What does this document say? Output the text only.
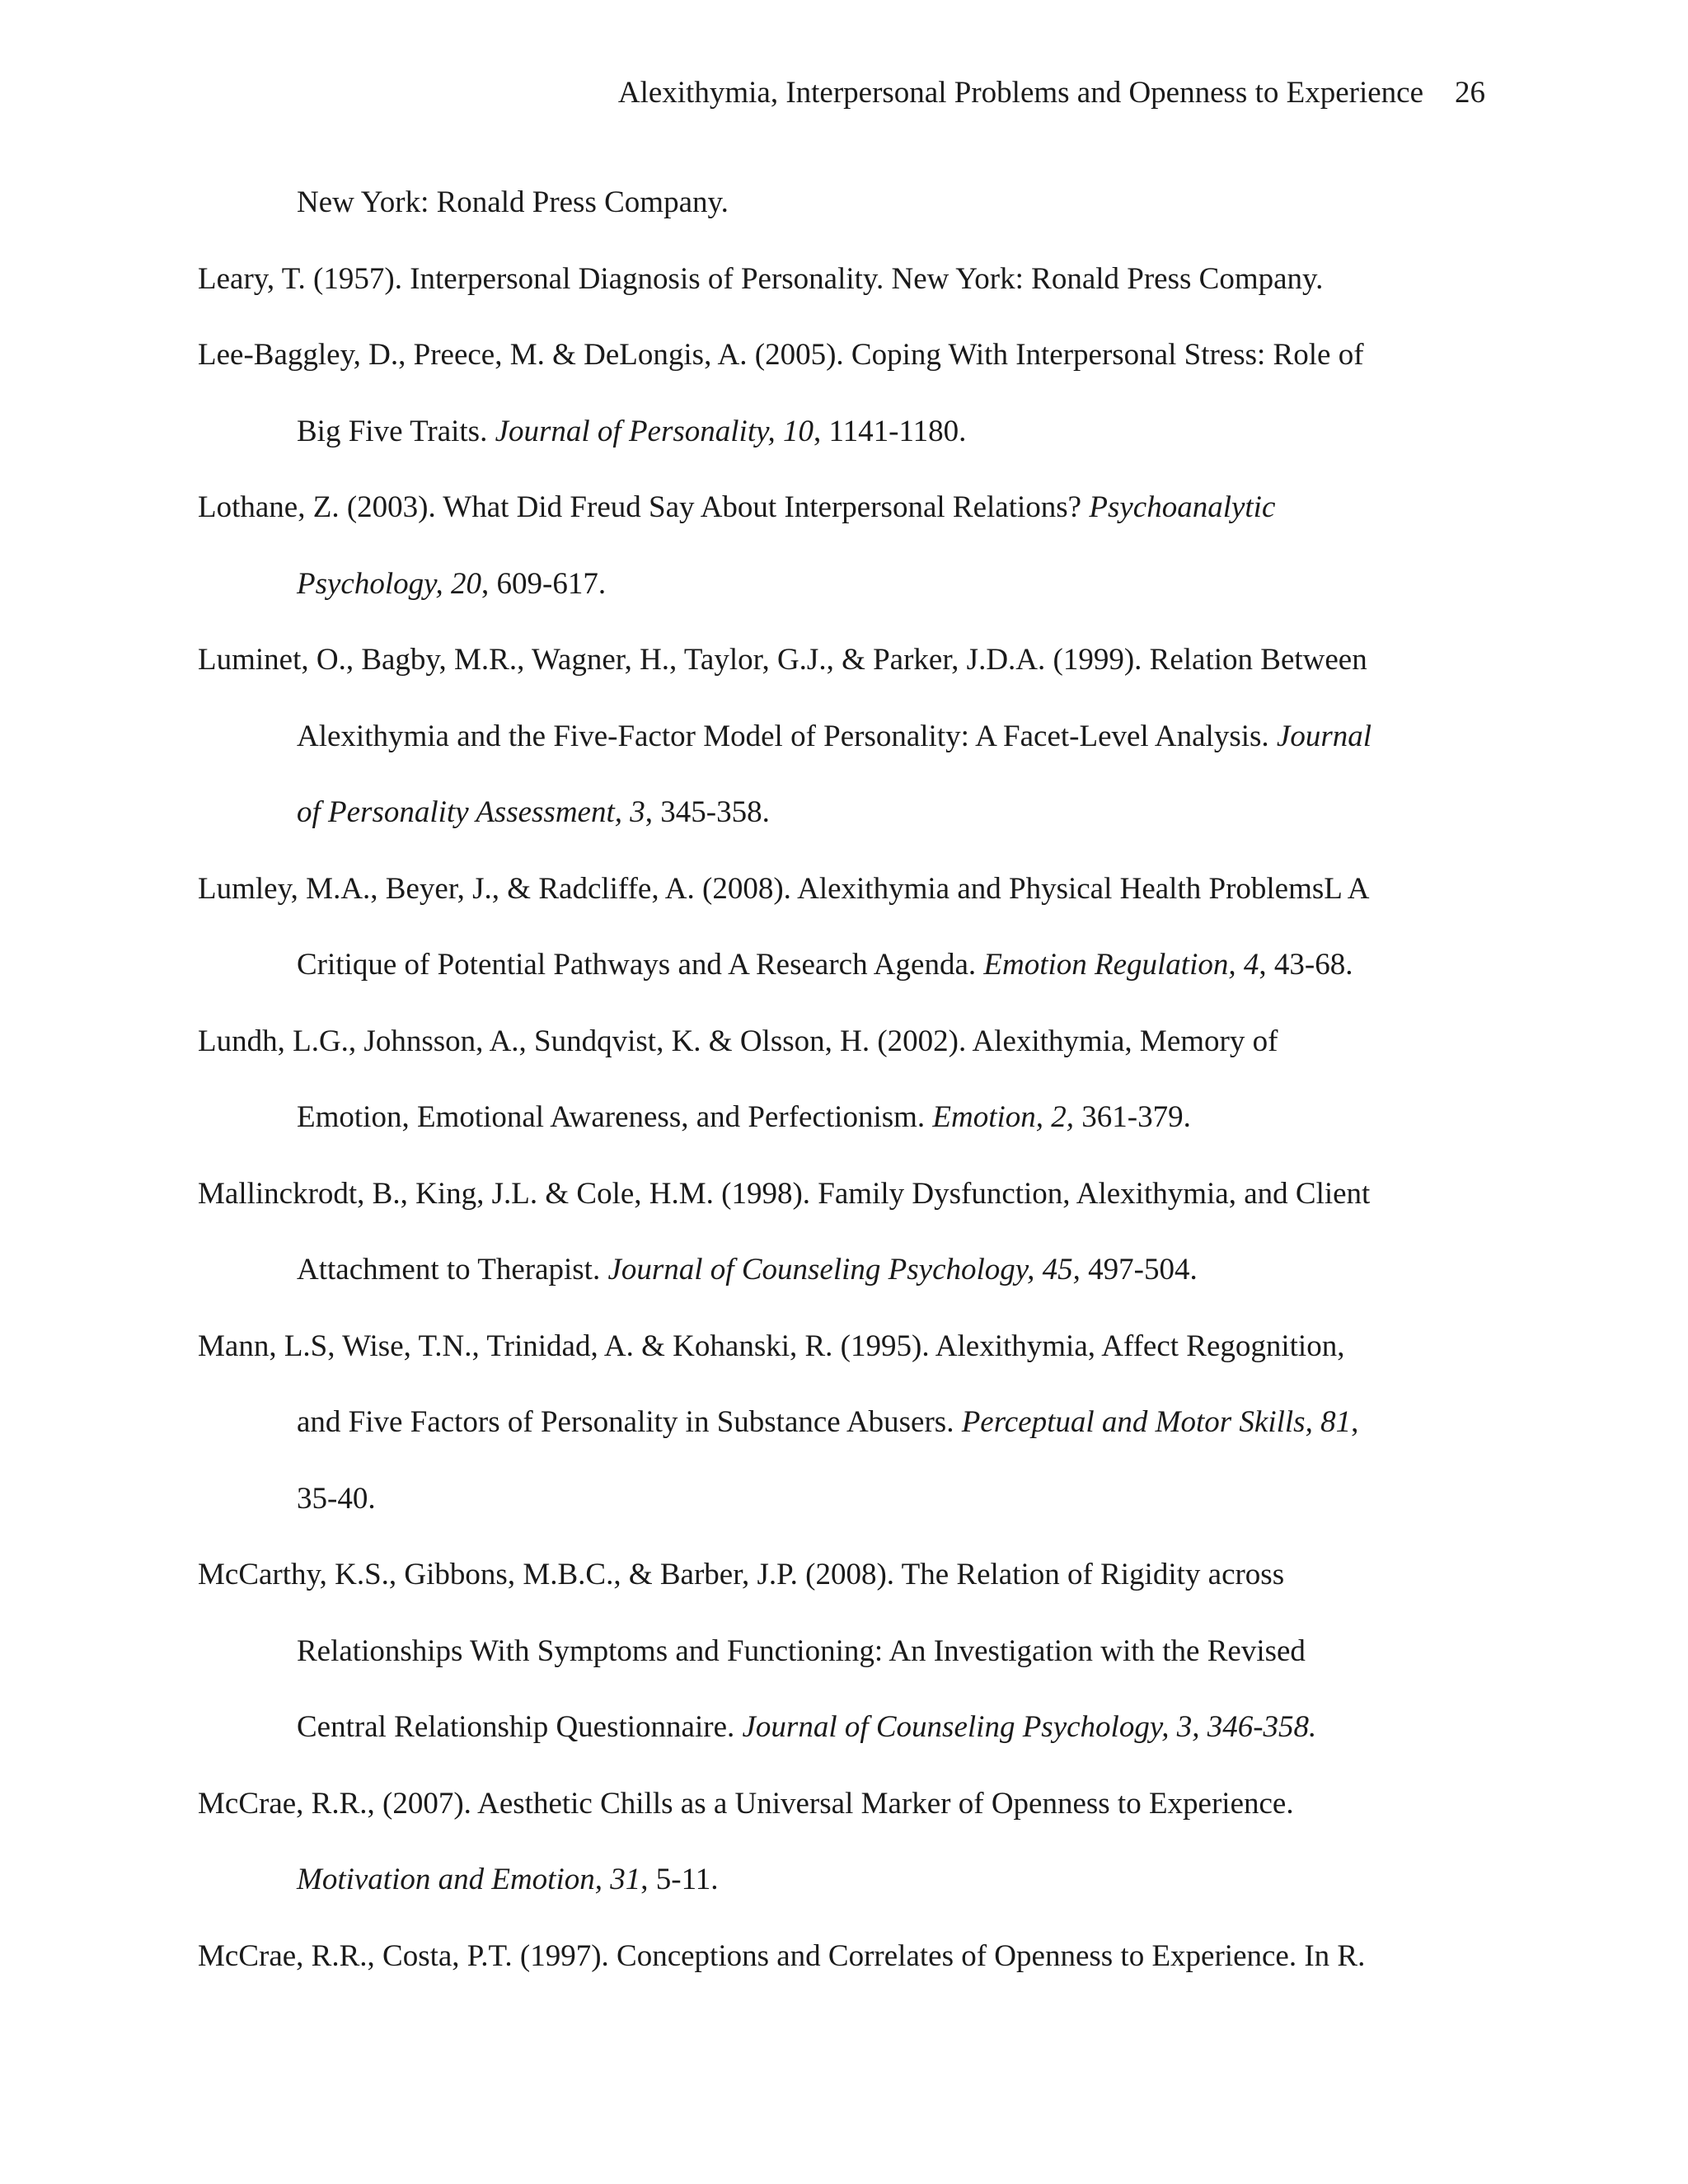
Alexithymia, Interpersonal Problems and Openness to Experience 26
New York: Ronald Press Company.
Leary, T. (1957). Interpersonal Diagnosis of Personality. New York: Ronald Press Company.
Lee-Baggley, D., Preece, M. & DeLongis, A. (2005). Coping With Interpersonal Stress: Role of
Big Five Traits. Journal of Personality, 10, 1141-1180.
Lothane, Z. (2003). What Did Freud Say About Interpersonal Relations? Psychoanalytic
Psychology, 20, 609-617.
Luminet, O., Bagby, M.R., Wagner, H., Taylor, G.J., & Parker, J.D.A. (1999). Relation Between
Alexithymia and the Five-Factor Model of Personality: A Facet-Level Analysis. Journal
of Personality Assessment, 3, 345-358.
Lumley, M.A., Beyer, J., & Radcliffe, A. (2008). Alexithymia and Physical Health ProblemsL A
Critique of Potential Pathways and A Research Agenda. Emotion Regulation, 4, 43-68.
Lundh, L.G., Johnsson, A., Sundqvist, K. & Olsson, H. (2002). Alexithymia, Memory of
Emotion, Emotional Awareness, and Perfectionism. Emotion, 2, 361-379.
Mallinckrodt, B., King, J.L. & Cole, H.M. (1998). Family Dysfunction, Alexithymia, and Client
Attachment to Therapist. Journal of Counseling Psychology, 45, 497-504.
Mann, L.S, Wise, T.N., Trinidad, A. & Kohanski, R. (1995). Alexithymia, Affect Regognition,
and Five Factors of Personality in Substance Abusers. Perceptual and Motor Skills, 81,
35-40.
McCarthy, K.S., Gibbons, M.B.C., & Barber, J.P. (2008). The Relation of Rigidity across
Relationships With Symptoms and Functioning: An Investigation with the Revised
Central Relationship Questionnaire. Journal of Counseling Psychology, 3, 346-358.
McCrae, R.R., (2007). Aesthetic Chills as a Universal Marker of Openness to Experience.
Motivation and Emotion, 31, 5-11.
McCrae, R.R., Costa, P.T. (1997). Conceptions and Correlates of Openness to Experience. In R.
